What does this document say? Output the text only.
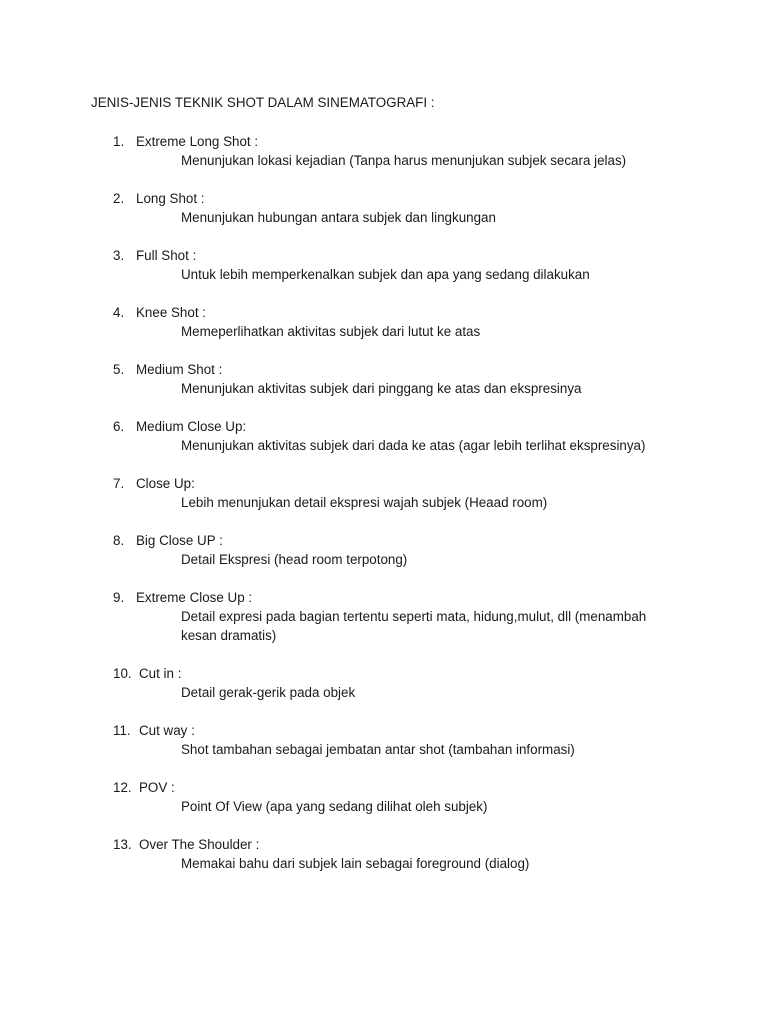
JENIS-JENIS TEKNIK SHOT DALAM SINEMATOGRAFI :
1. Extreme Long Shot :
Menunjukan lokasi kejadian (Tanpa harus menunjukan subjek secara jelas)
2. Long Shot :
Menunjukan hubungan antara subjek dan lingkungan
3. Full Shot :
Untuk lebih memperkenalkan subjek dan apa yang sedang dilakukan
4. Knee Shot :
Memeperlihatkan aktivitas subjek dari lutut ke atas
5. Medium Shot :
Menunjukan aktivitas subjek dari pinggang ke atas dan ekspresinya
6. Medium Close Up:
Menunjukan aktivitas subjek dari dada ke atas (agar lebih terlihat ekspresinya)
7. Close Up:
Lebih menunjukan detail ekspresi wajah subjek (Heaad room)
8. Big Close UP :
Detail Ekspresi (head room terpotong)
9. Extreme Close Up :
Detail expresi pada bagian tertentu seperti mata, hidung,mulut, dll (menambah kesan dramatis)
10. Cut in :
Detail gerak-gerik pada objek
11. Cut way :
Shot tambahan sebagai jembatan antar shot (tambahan informasi)
12. POV :
Point Of View (apa yang sedang dilihat oleh subjek)
13. Over The Shoulder :
Memakai bahu dari subjek lain sebagai foreground (dialog)
